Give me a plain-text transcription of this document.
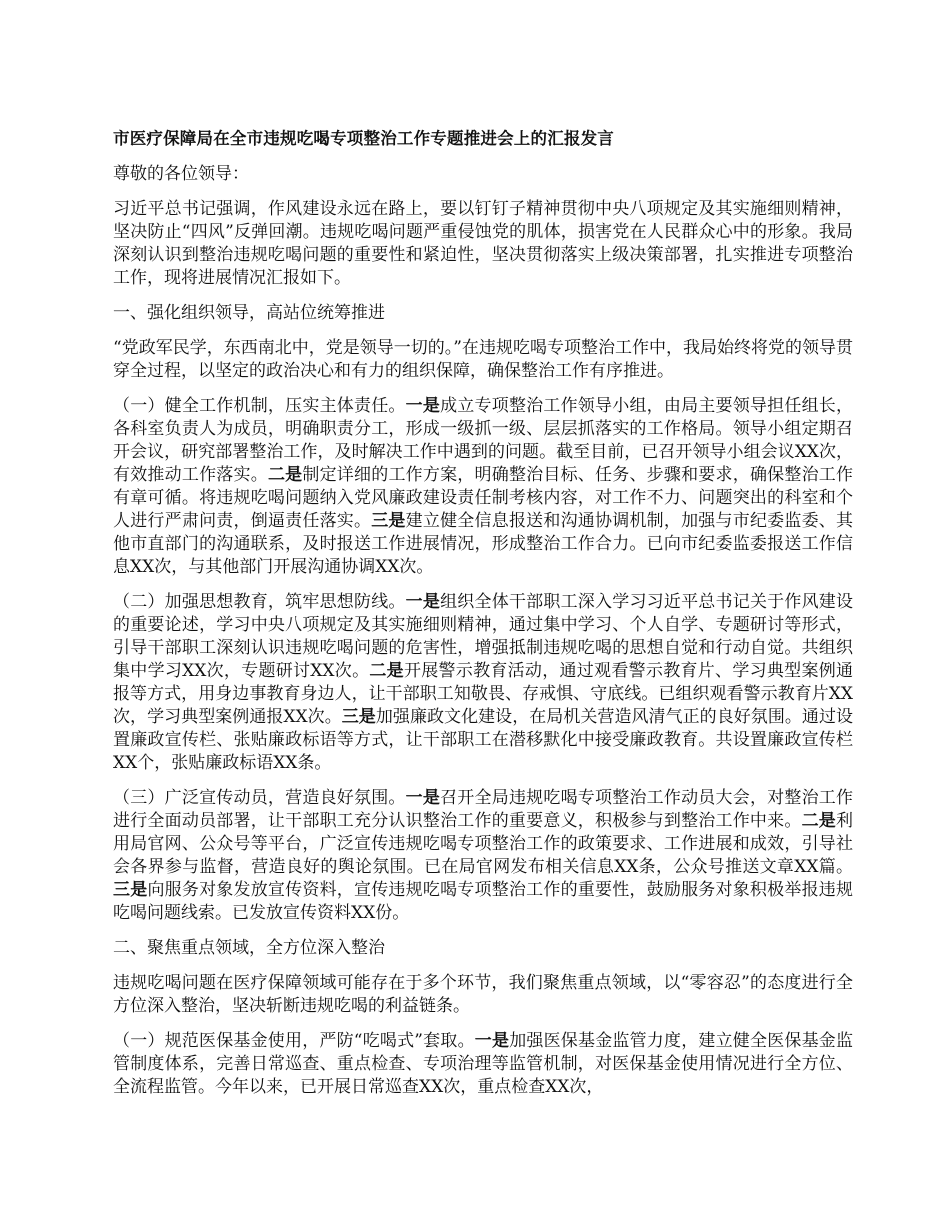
市医疗保障局在全市违规吃喝专项整治工作专题推进会上的汇报发言

尊敬的各位领导：

习近平总书记强调，作风建设永远在路上，要以钉钉子精神贯彻中央八项规定及其实施细则精神，坚决防止“四风”反弹回潮。违规吃喝问题严重侵蚀党的肌体，损害党在人民群众心中的形象。我局深刻认识到整治违规吃喝问题的重要性和紧迫性，坚决贯彻落实上级决策部署，扎实推进专项整治工作，现将进展情况汇报如下。

一、强化组织领导，高站位统筹推进

“党政军民学，东西南北中，党是领导一切的。”在违规吃喝专项整治工作中，我局始终将党的领导贯穿全过程，以坚定的政治决心和有力的组织保障，确保整治工作有序推进。

（一）健全工作机制，压实主体责任。一是成立专项整治工作领导小组，由局主要领导担任组长，各科室负责人为成员，明确职责分工，形成一级抓一级、层层抓落实的工作格局。领导小组定期召开会议，研究部署整治工作，及时解决工作中遇到的问题。截至目前，已召开领导小组会议XX次，有效推动工作落实。二是制定详细的工作方案，明确整治目标、任务、步骤和要求，确保整治工作有章可循。将违规吃喝问题纳入党风廉政建设责任制考核内容，对工作不力、问题突出的科室和个人进行严肃问责，倒逼责任落实。三是建立健全信息报送和沟通协调机制，加强与市纪委监委、其他市直部门的沟通联系，及时报送工作进展情况，形成整治工作合力。已向市纪委监委报送工作信息XX次，与其他部门开展沟通协调XX次。

（二）加强思想教育，筑牢思想防线。一是组织全体干部职工深入学习习近平总书记关于作风建设的重要论述，学习中央八项规定及其实施细则精神，通过集中学习、个人自学、专题研讨等形式，引导干部职工深刻认识违规吃喝问题的危害性，增强抵制违规吃喝的思想自觉和行动自觉。共组织集中学习XX次，专题研讨XX次。二是开展警示教育活动，通过观看警示教育片、学习典型案例通报等方式，用身边事教育身边人，让干部职工知敬畏、存戒惧、守底线。已组织观看警示教育片XX次，学习典型案例通报XX次。三是加强廉政文化建设，在局机关营造风清气正的良好氛围。通过设置廉政宣传栏、张贴廉政标语等方式，让干部职工在潜移默化中接受廉政教育。共设置廉政宣传栏XX个，张贴廉政标语XX条。

（三）广泛宣传动员，营造良好氛围。一是召开全局违规吃喝专项整治工作动员大会，对整治工作进行全面动员部署，让干部职工充分认识整治工作的重要意义，积极参与到整治工作中来。二是利用局官网、公众号等平台，广泛宣传违规吃喝专项整治工作的政策要求、工作进展和成效，引导社会各界参与监督，营造良好的舆论氛围。已在局官网发布相关信息XX条，公众号推送文章XX篇。三是向服务对象发放宣传资料，宣传违规吃喝专项整治工作的重要性，鼓励服务对象积极举报违规吃喝问题线索。已发放宣传资料XX份。

二、聚焦重点领域，全方位深入整治

违规吃喝问题在医疗保障领域可能存在于多个环节，我们聚焦重点领域，以“零容忍”的态度进行全方位深入整治，坚决斩断违规吃喝的利益链条。

（一）规范医保基金使用，严防“吃喝式”套取。一是加强医保基金监管力度，建立健全医保基金监管制度体系，完善日常巡查、重点检查、专项治理等监管机制，对医保基金使用情况进行全方位、全流程监管。今年以来，已开展日常巡查XX次，重点检查XX次，
